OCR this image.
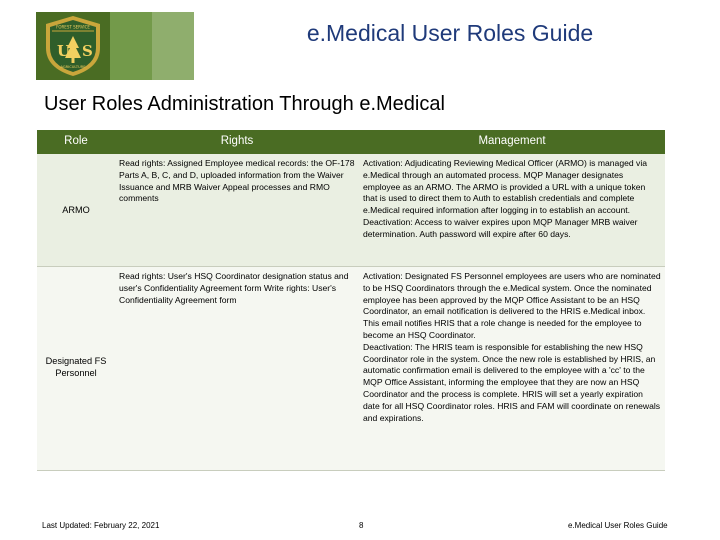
U S
FOREST SERVICE
AGRICULTURE
e.Medical User Roles Guide
User Roles Administration Through e.Medical
Role	Rights	Management
ARMO	Read rights: Assigned Employee medical records: the OF-178 Parts A, B, C, and D, uploaded information from the Waiver Issuance and MRB Waiver Appeal processes and RMO comments	Activation: Adjudicating Reviewing Medical Officer (ARMO) is managed via e.Medical through an automated process. MQP Manager designates employee as an ARMO. The ARMO is provided a URL with a unique token that is used to direct them to Auth to establish credentials and complete e.Medical required information after logging in to establish an account.
Deactivation: Access to waiver expires upon MQP Manager MRB waiver determination. Auth password will expire after 60 days.
Designated FS Personnel	Read rights: User's HSQ Coordinator designation status and user's Confidentiality Agreement form Write rights: User's Confidentiality Agreement form	Activation: Designated FS Personnel employees are users who are nominated to be HSQ Coordinators through the e.Medical system. Once the nominated employee has been approved by the MQP Office Assistant to be an HSQ Coordinator, an email notification is delivered to the HRIS e.Medical inbox. This email notifies HRIS that a role change is needed for the employee to become an HSQ Coordinator.
Deactivation: The HRIS team is responsible for establishing the new HSQ Coordinator role in the system. Once the new role is established by HRIS, an automatic confirmation email is delivered to the employee with a 'cc' to the MQP Office Assistant, informing the employee that they are now an HSQ Coordinator and the process is complete. HRIS will set a yearly expiration date for all HSQ Coordinator roles. HRIS and FAM will coordinate on renewals and expirations.
Last Updated: February 22, 2021	8	e.Medical User Roles Guide
